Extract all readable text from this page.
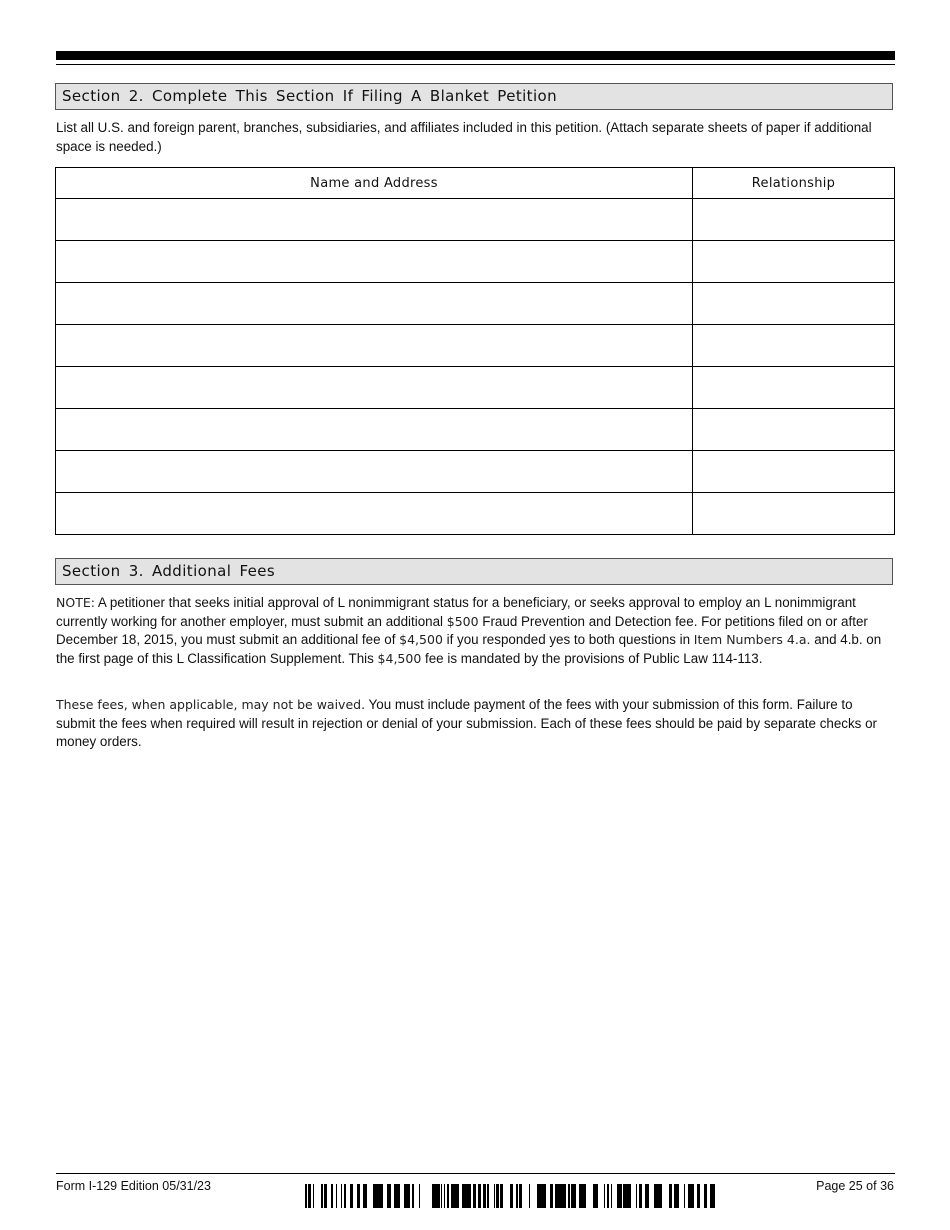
Section 2. Complete This Section If Filing A Blanket Petition
List all U.S. and foreign parent, branches, subsidiaries, and affiliates included in this petition. (Attach separate sheets of paper if additional space is needed.)
Name and Address	Relationship

Section 3. Additional Fees
NOTE: A petitioner that seeks initial approval of L nonimmigrant status for a beneficiary, or seeks approval to employ an L nonimmigrant currently working for another employer, must submit an additional $500 Fraud Prevention and Detection fee. For petitions filed on or after December 18, 2015, you must submit an additional fee of $4,500 if you responded yes to both questions in Item Numbers 4.a. and 4.b. on the first page of this L Classification Supplement. This $4,500 fee is mandated by the provisions of Public Law 114-113.
These fees, when applicable, may not be waived. You must include payment of the fees with your submission of this form. Failure to submit the fees when required will result in rejection or denial of your submission. Each of these fees should be paid by separate checks or money orders.
Form I-129 Edition 05/31/23	Page 25 of 36
